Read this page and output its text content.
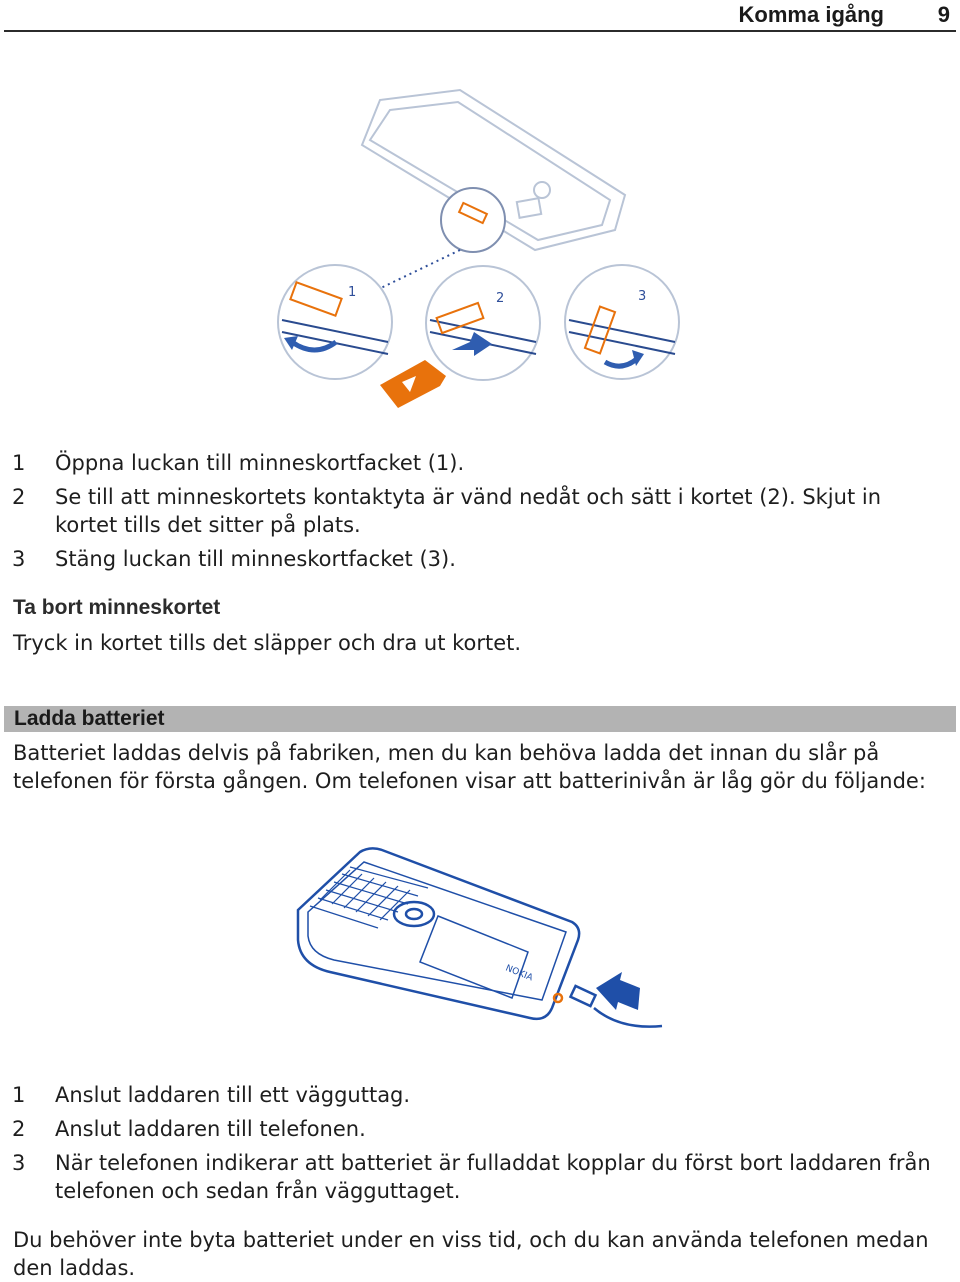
Komma igång 9
1	2	3
1 Öppna luckan till minneskortfacket (1).
2 Se till att minneskortets kontaktyta är vänd nedåt och sätt i kortet (2). Skjut in kortet tills det sitter på plats.
3 Stäng luckan till minneskortfacket (3).
Ta bort minneskortet

Tryck in kortet tills det släpper och dra ut kortet.

Ladda batteriet

Batteriet laddas delvis på fabriken, men du kan behöva ladda det innan du slår på telefonen för första gången. Om telefonen visar att batterinivån är låg gör du följande:

NOKIA
1 Anslut laddaren till ett vägguttag.
2 Anslut laddaren till telefonen.
3 När telefonen indikerar att batteriet är fulladdat kopplar du först bort laddaren från telefonen och sedan från vägguttaget.

Du behöver inte byta batteriet under en viss tid, och du kan använda telefonen medan den laddas.
